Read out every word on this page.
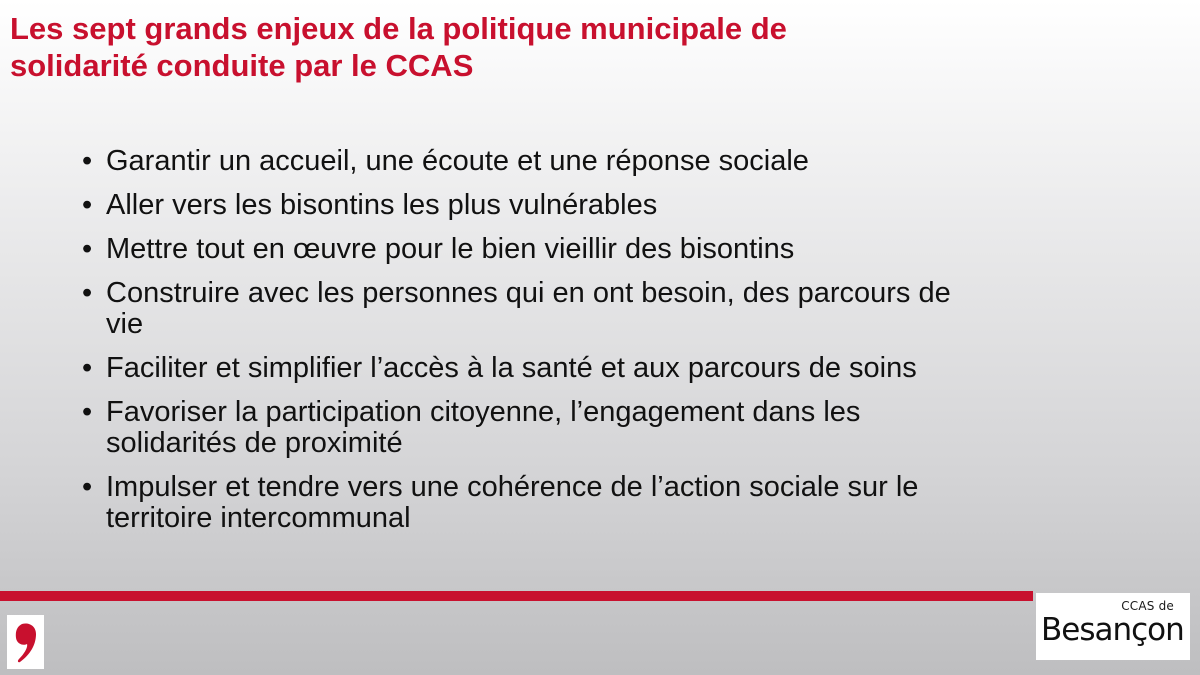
Les sept grands enjeux de la politique municipale de
solidarité conduite par le CCAS
• Garantir un accueil, une écoute et une réponse sociale
• Aller vers les bisontins les plus vulnérables
• Mettre tout en œuvre pour le bien vieillir des bisontins
• Construire avec les personnes qui en ont besoin, des parcours de
vie
• Faciliter et simplifier l’accès à la santé et aux parcours de soins
• Favoriser la participation citoyenne, l’engagement dans les
solidarités de proximité
• Impulser et tendre vers une cohérence de l’action sociale sur le
territoire intercommunal
CCAS de
Besançon
